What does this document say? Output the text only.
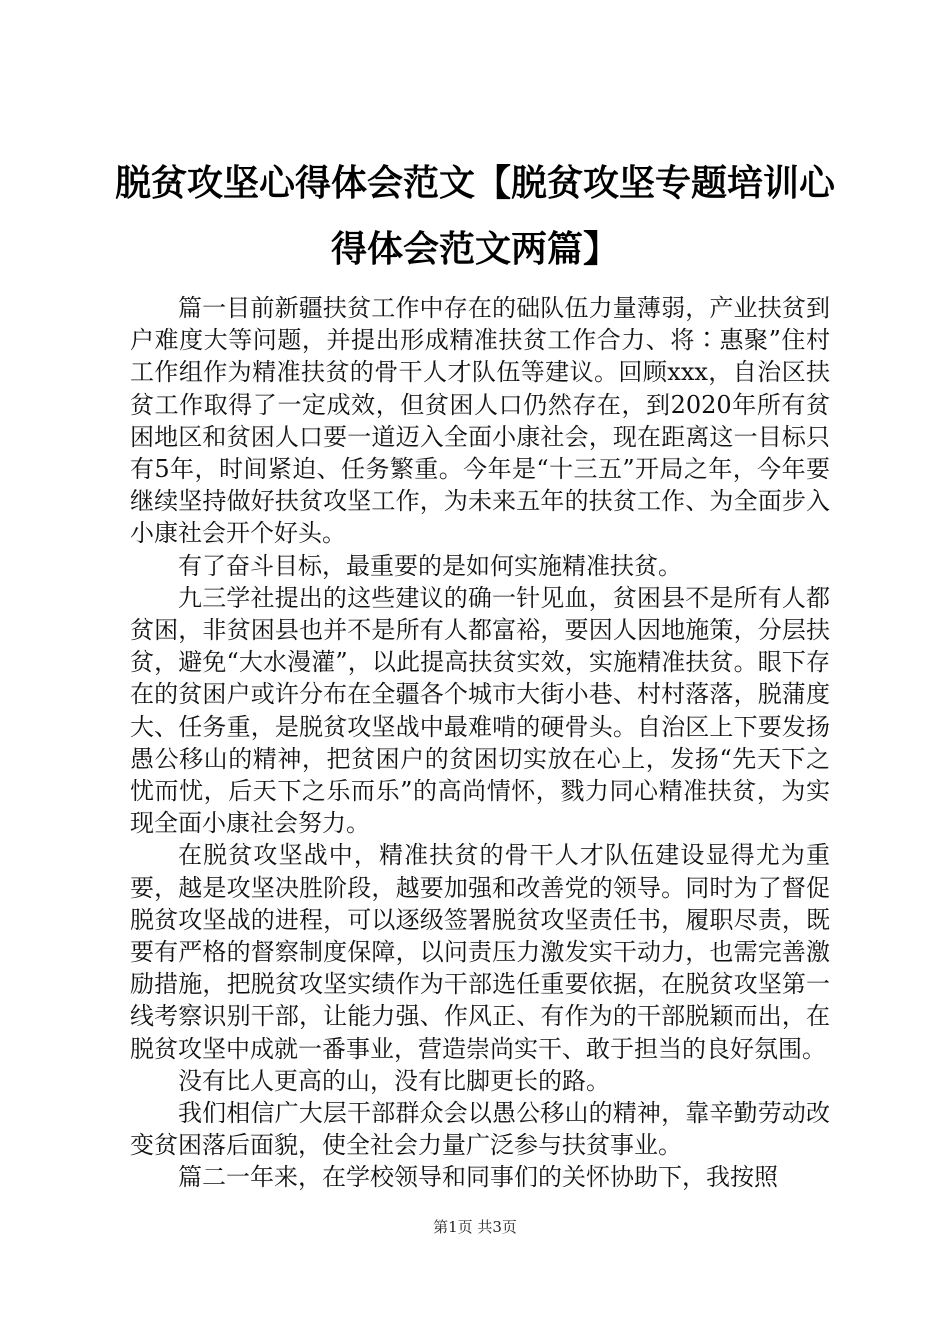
脱贫攻坚心得体会范文【脱贫攻坚专题培训心得体会范文两篇】

篇一目前新疆扶贫工作中存在的础队伍力量薄弱，产业扶贫到户难度大等问题，并提出形成精准扶贫工作合力、将∶惠聚”住村工作组作为精准扶贫的骨干人才队伍等建议。回顾xxx，自治区扶贫工作取得了一定成效，但贫困人口仍然存在，到2020年所有贫困地区和贫困人口要一道迈入全面小康社会，现在距离这一目标只有5年，时间紧迫、任务繁重。今年是“十三五”开局之年，今年要继续坚持做好扶贫攻坚工作，为未来五年的扶贫工作、为全面步入小康社会开个好头。

有了奋斗目标，最重要的是如何实施精准扶贫。

九三学社提出的这些建议的确一针见血，贫困县不是所有人都贫困，非贫困县也并不是所有人都富裕，要因人因地施策，分层扶贫，避免“大水漫灌”，以此提高扶贫实效，实施精准扶贫。眼下存在的贫困户或许分布在全疆各个城市大街小巷、村村落落，脱蒲度大、任务重，是脱贫攻坚战中最难啃的硬骨头。自治区上下要发扬愚公移山的精神，把贫困户的贫困切实放在心上，发扬“先天下之忧而忧，后天下之乐而乐”的高尚情怀，戮力同心精准扶贫，为实现全面小康社会努力。

在脱贫攻坚战中，精准扶贫的骨干人才队伍建设显得尤为重要，越是攻坚决胜阶段，越要加强和改善党的领导。同时为了督促脱贫攻坚战的进程，可以逐级签署脱贫攻坚责任书，履职尽责，既要有严格的督察制度保障，以问责压力激发实干动力，也需完善激励措施，把脱贫攻坚实绩作为干部选任重要依据，在脱贫攻坚第一线考察识别干部，让能力强、作风正、有作为的干部脱颖而出，在脱贫攻坚中成就一番事业，营造崇尚实干、敢于担当的良好氛围。

没有比人更高的山，没有比脚更长的路。

我们相信广大层干部群众会以愚公移山的精神，靠辛勤劳动改变贫困落后面貌，使全社会力量广泛参与扶贫事业。

篇二一年来，在学校领导和同事们的关怀协助下，我按照

第1页 共3页
